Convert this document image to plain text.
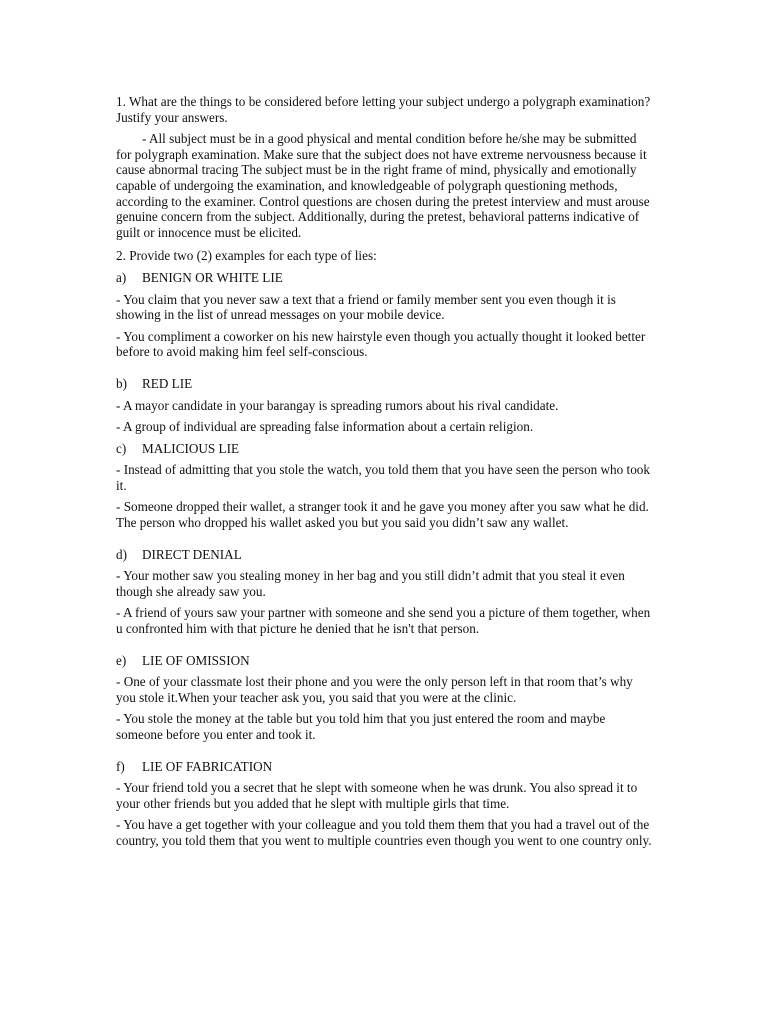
1. What are the things to be considered before letting your subject undergo a polygraph examination? Justify your answers.

- All subject must be in a good physical and mental condition before he/she may be submitted for polygraph examination. Make sure that the subject does not have extreme nervousness because it cause abnormal tracing The subject must be in the right frame of mind, physically and emotionally capable of undergoing the examination, and knowledgeable of polygraph questioning methods, according to the examiner. Control questions are chosen during the pretest interview and must arouse genuine concern from the subject. Additionally, during the pretest, behavioral patterns indicative of guilt or innocence must be elicited.

2. Provide two (2) examples for each type of lies:

a)	BENIGN OR WHITE LIE

- You claim that you never saw a text that a friend or family member sent you even though it is showing in the list of unread messages on your mobile device.

- You compliment a coworker on his new hairstyle even though you actually thought it looked better before to avoid making him feel self-conscious.

b)	RED LIE

- A mayor candidate in your barangay is spreading rumors about his rival candidate.

- A group of individual are spreading false information about a certain religion.

c)	MALICIOUS LIE

- Instead of admitting that you stole the watch, you told them that you have seen the person who took it.

- Someone dropped their wallet, a stranger took it and he gave you money after you saw what he did. The person who dropped his wallet asked you but you said you didn’t saw any wallet.

d)	DIRECT DENIAL

- Your mother saw you stealing money in her bag and you still didn’t admit that you steal it even though she already saw you.

- A friend of yours saw your partner with someone and she send you a picture of them together, when u confronted him with that picture he denied that he isn't that person.

e)	LIE OF OMISSION

- One of your classmate lost their phone and you were the only person left in that room that’s why you stole it.When your teacher ask you, you said that you were at the clinic.

- You stole the money at the table but you told him that you just entered the room and maybe someone before you enter and took it.

f)	LIE OF FABRICATION

- Your friend told you a secret that he slept with someone when he was drunk. You also spread it to your other friends but you added that he slept with multiple girls that time.

- You have a get together with your colleague and you told them them that you had a travel out of the country, you told them that you went to multiple countries even though you went to one country only.
